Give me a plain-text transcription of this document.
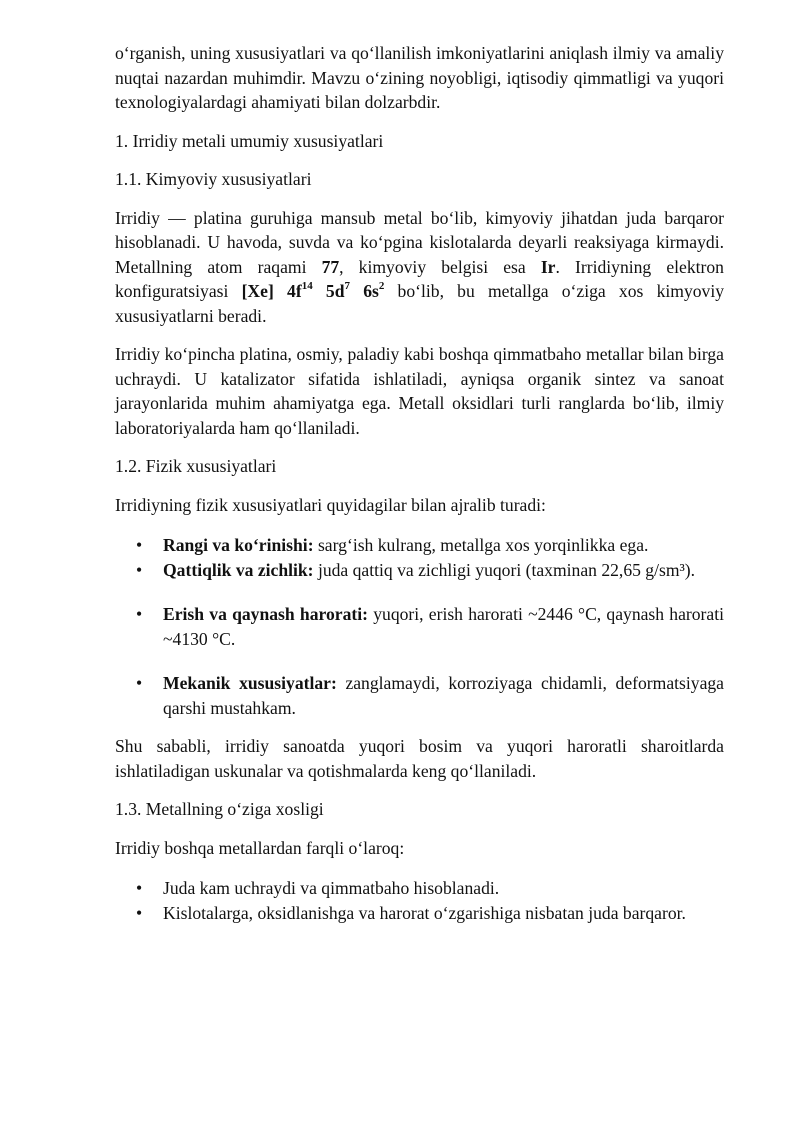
o‘rganish, uning xususiyatlari va qo‘llanilish imkoniyatlarini aniqlash ilmiy va amaliy nuqtai nazardan muhimdir. Mavzu o‘zining noyobligi, iqtisodiy qimmatligi va yuqori texnologiyalardagi ahamiyati bilan dolzarbdir.

1. Irridiy metali umumiy xususiyatlari

1.1. Kimyoviy xususiyatlari

Irridiy — platina guruhiga mansub metal bo‘lib, kimyoviy jihatdan juda barqaror hisoblanadi. U havoda, suvda va ko‘pgina kislotalarda deyarli reaksiyaga kirmaydi. Metallning atom raqami 77, kimyoviy belgisi esa Ir. Irridiyning elektron konfiguratsiyasi [Xe] $4f^{14}$ $5d^7$ $6s^2$ bo‘lib, bu metallga o‘ziga xos kimyoviy xususiyatlarni beradi.

Irridiy ko‘pincha platina, osmiy, paladiy kabi boshqa qimmatbaho metallar bilan birga uchraydi. U katalizator sifatida ishlatiladi, ayniqsa organik sintez va sanoat jarayonlarida muhim ahamiyatga ega. Metall oksidlari turli ranglarda bo‘lib, ilmiy laboratoriyalarda ham qo‘llaniladi.

1.2. Fizik xususiyatlari

Irridiyning fizik xususiyatlari quyidagilar bilan ajralib turadi:

• Rangi va ko‘rinishi: sarg‘ish kulrang, metallga xos yorqinlikka ega.
• Qattiqlik va zichlik: juda qattiq va zichligi yuqori (taxminan 22,65 g/sm³).
• Erish va qaynash harorati: yuqori, erish harorati ~2446 °C, qaynash harorati ~4130 °C.
• Mekanik xususiyatlar: zanglamaydi, korroziyaga chidamli, deformatsiyaga qarshi mustahkam.

Shu sababli, irridiy sanoatda yuqori bosim va yuqori haroratli sharoitlarda ishlatiladigan uskunalar va qotishmalarda keng qo‘llaniladi.

1.3. Metallning o‘ziga xosligi

Irridiy boshqa metallardan farqli o‘laroq:

• Juda kam uchraydi va qimmatbaho hisoblanadi.
• Kislotalarga, oksidlanishga va harorat o‘zgarishiga nisbatan juda barqaror.
